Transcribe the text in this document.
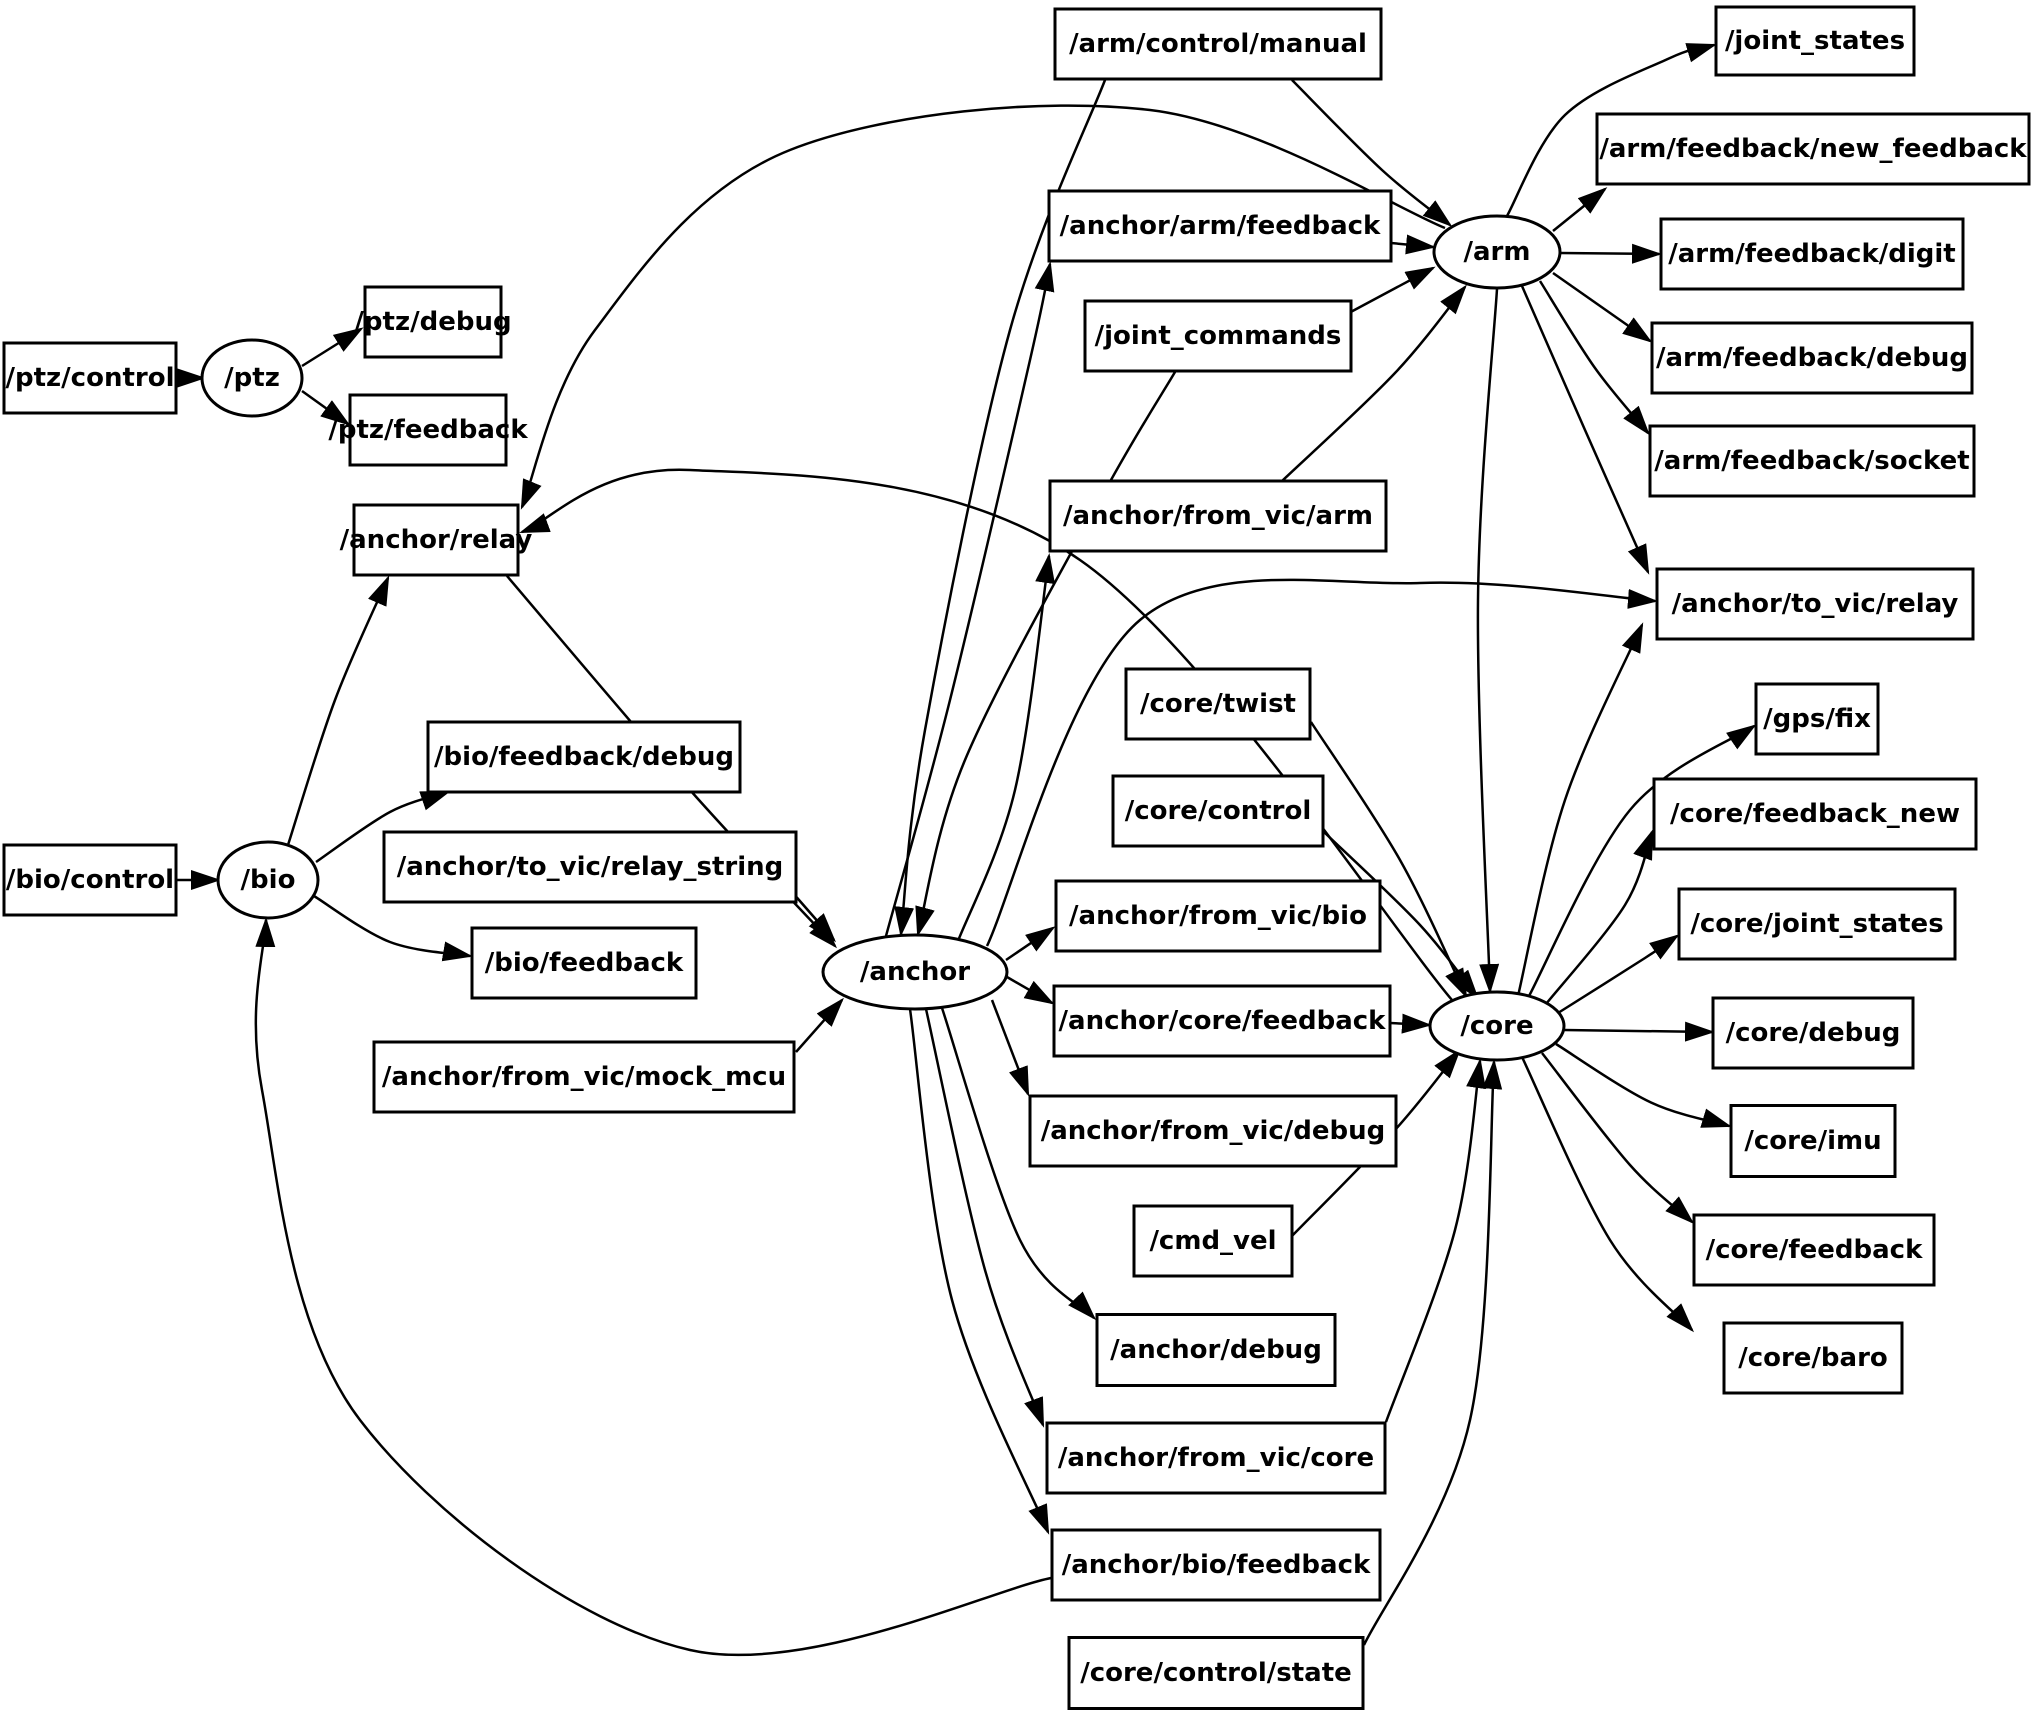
/ptz
/bio
/anchor
/arm
/core
/ptz/control
/ptz/debug
/ptz/feedback
/anchor/relay
/bio/feedback/debug
/bio/control	/anchor/to_vic/relay_string
/bio/feedback
/anchor/from_vic/mock_mcu
/arm/control/manual
/anchor/arm/feedback
/joint_commands
/anchor/from_vic/arm
/core/twist
/core/control
/anchor/from_vic/bio
/anchor/core/feedback
/anchor/from_vic/debug
/cmd_vel
/anchor/debug
/anchor/from_vic/core
/anchor/bio/feedback
/core/control/state
/joint_states
/arm/feedback/new_feedback
/arm/feedback/digit
/arm/feedback/debug
/arm/feedback/socket
/anchor/to_vic/relay
/gps/fix
/core/feedback_new
/core/joint_states
/core/debug
/core/imu
/core/feedback
/core/baro
